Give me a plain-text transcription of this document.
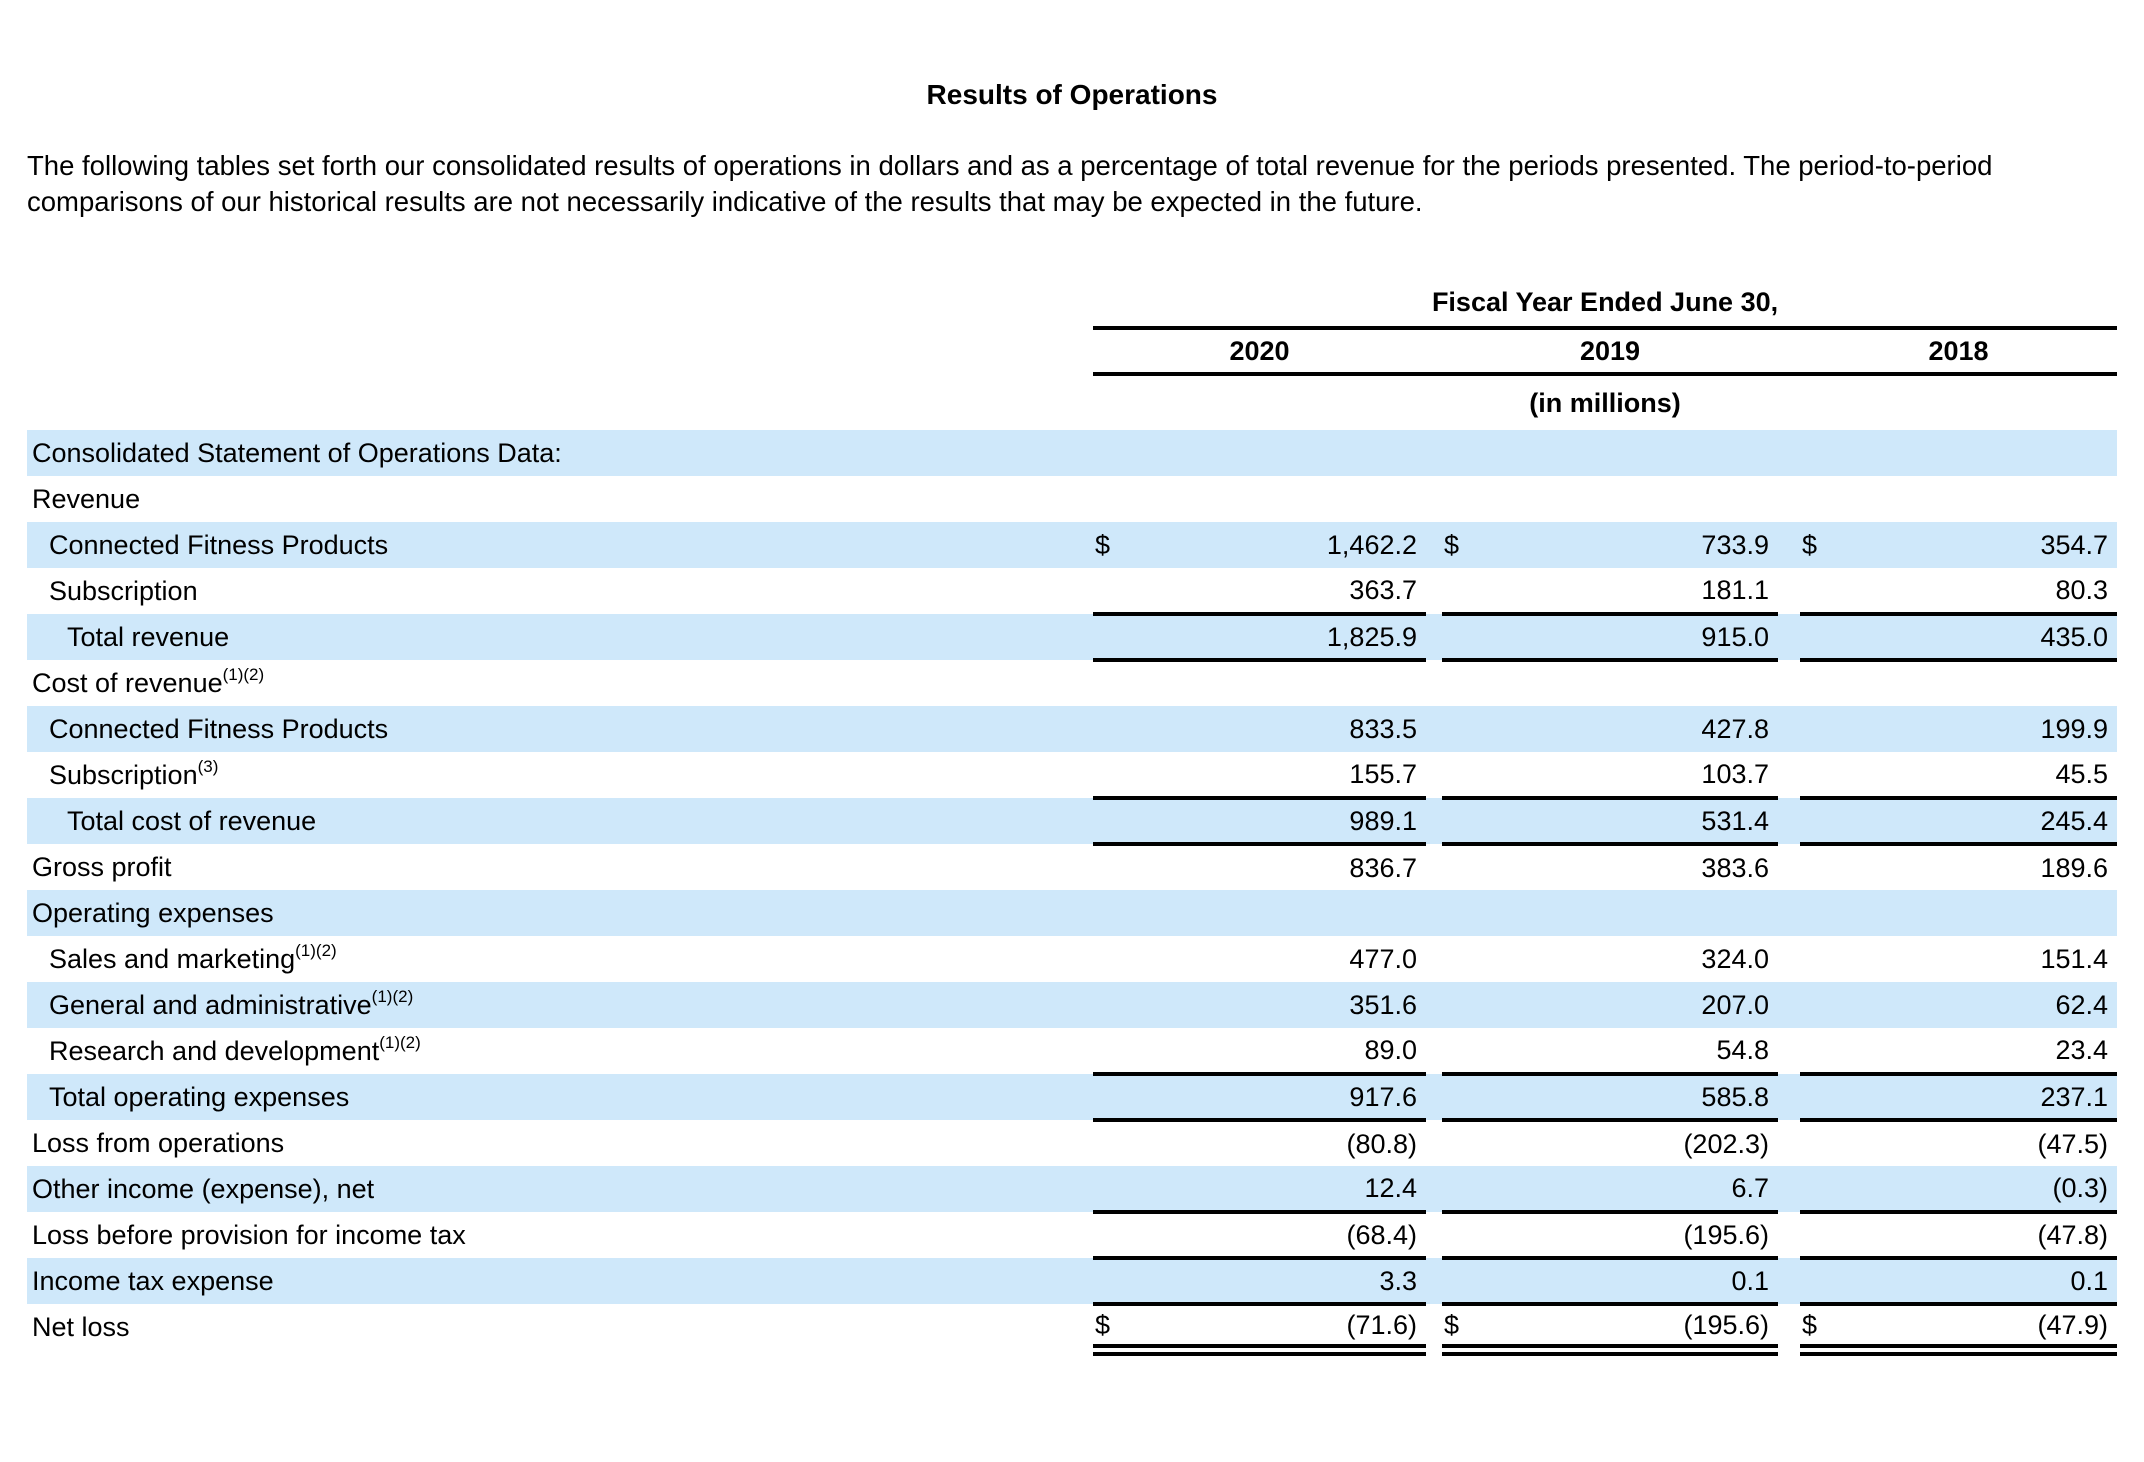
Results of Operations
The following tables set forth our consolidated results of operations in dollars and as a percentage of total revenue for the periods presented. The period-to-period comparisons of our historical results are not necessarily indicative of the results that may be expected in the future.
	Fiscal Year Ended June 30,							

	2020 2019 2018							

	(in millions)							
Consolidated Statement of Operations Data:								
Revenue								
Connected Fitness Products	$	1,462.2		$	733.9		$	354.7
Subscription		363.7			181.1			80.3
Total revenue		1,825.9			915.0			435.0
Cost of revenue$^{(1)(2)}$								
Connected Fitness Products		833.5			427.8			199.9
Subscription$^{(3)}$		155.7			103.7			45.5
Total cost of revenue		989.1			531.4			245.4
Gross profit		836.7			383.6			189.6
Operating expenses								
Sales and marketing$^{(1)(2)}$		477.0			324.0			151.4
General and administrative$^{(1)(2)}$		351.6			207.0			62.4
Research and development$^{(1)(2)}$		89.0			54.8			23.4
Total operating expenses		917.6			585.8			237.1
Loss from operations		(80.8)			(202.3)			(47.5)
Other income (expense), net		12.4			6.7			(0.3)
Loss before provision for income tax		(68.4)			(195.6)			(47.8)
Income tax expense		3.3			0.1			0.1
Net loss	$	(71.6)		$	(195.6)		$	(47.9)
